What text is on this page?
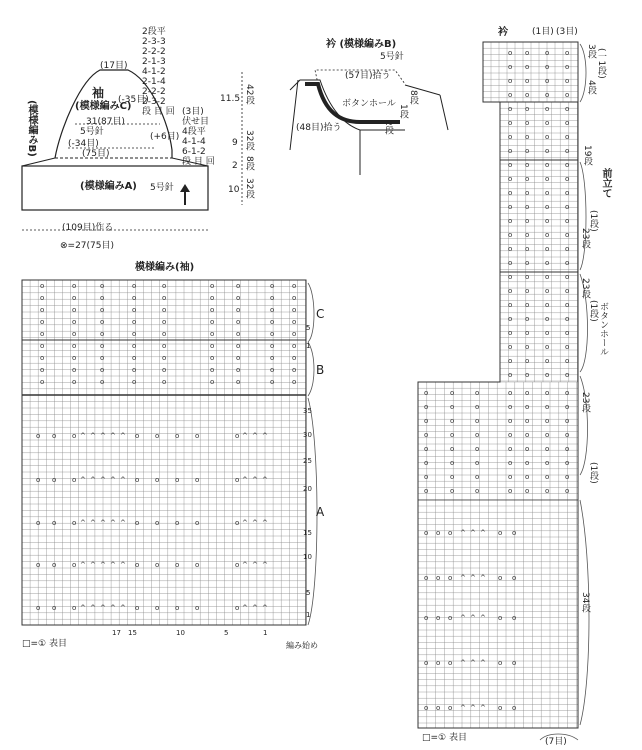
袖
(模様編みC)
(模様編みB)
(模様編みA) 5号針
5号針
(17目)
(-35目)
31(87目)
(3目)
伏せ目
(+6目)
(-34目)
(75目)
(109目)作る
⊗=27(75目)
2段平
2-3-3
2-2-2
2-1-3
4-1-2
2-1-4
2-2-2
2-3-2
段 目 回
4段平
4-1-4
6-1-2
段 目 回
11.5 42段
9 32段
2 8段
10 32段
衿 (模様編みB)
5号針
(57目)拾う
ボタンホール
(48目)拾う
8段
2段
1段
模様編み(袖)
o o o	o o o o	o
^ ^ ^ ^ ^	^ ^ ^
o o o	o o o o	o
^ ^ ^ ^ ^	^ ^ ^
o o o	o o o o	o
^ ^ ^ ^ ^	^ ^ ^
o o o	o o o o	o
^ ^ ^ ^ ^	^ ^ ^
o o o	o o o o	o
^ ^ ^ ^ ^	^ ^ ^
o	o	o	o	o	o	o	o	o
o	o	o	o	o	o	o	o	o
o	o	o	o	o	o	o	o	o
o	o	o	o	o	o	o	o	o
o	o	o	o	o	o	o	o	o
o	o	o	o	o	o	o	o	o
o	o	o	o	o	o	o	o	o
o	o	o	o	o	o	o	o	o
o	o	o	o	o	o	o	o	o
C
B
A
5
1
35
30
25
20
15
10
5
1
17 15	10	5	1
□=① 表目	編み始め
o o o o
o o o o
o o o o
o o o o
o o o o
o o o o
o o o o
o o o o
o o o o
o o o o
o o o o
o o o o
o o o o
o o o o
o o o o
o o o o
o o o o
o o o o
o o o o
o o o o
o o o o
o o o o
o o o o
o o o o
o o o	o o
^ ^ ^
o o o	o o
^ ^ ^
o o o	o o
^ ^ ^
o o o	o o
^ ^ ^
o o o	o o
^ ^ ^
o	o	o	o o o o
o	o	o	o o o o
o	o	o	o o o o
o	o	o	o o o o
o	o	o	o o o o
o	o	o	o o o o
o	o	o	o o o o
o	o	o	o o o o
衿	(1目) (3目)
3段 (一1段)
4段
19段
前立て
(1段)
23段
23段
(1段) ボタンホール
23段
(1段)
34段
(7目)
□=① 表目
